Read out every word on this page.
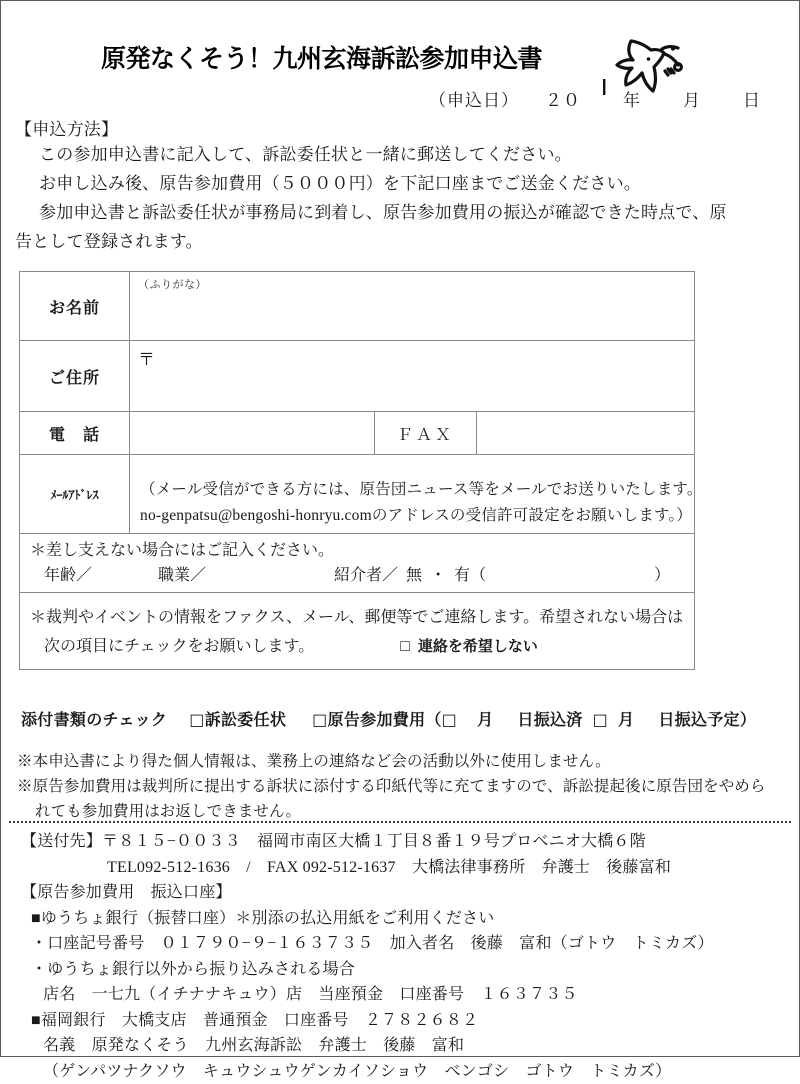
原発なくそう！九州玄海訴訟参加申込書
（申込日） ２０ 年 月 日
【申込方法】

この参加申込書に記入して、訴訟委任状と一緒に郵送してください。

お申し込み後、原告参加費用（５０００円）を下記口座までご送金ください。

参加申込書と訴訟委任状が事務局に到着し、原告参加費用の振込が確認できた時点で、原

告として登録されます。

お名前	（ふりがな）		

ご住所	〒		

電　話		ＦＡＸ	
ﾒｰﾙｱﾄﾞﾚｽ	（メール受信ができる方には、原告団ニュース等をメールでお送りいたします。
no-genpatsu@bengoshi-honryu.comのアドレスの受信許可設定をお願いします。）		

＊差し支えない場合にはご記入ください。
年齢／ 職業／ 紹介者／ 無 ・ 有（ ）			

＊裁判やイベントの情報をファクス、メール、郵便等でご連絡します。希望されない場合は
次の項目にチェックをお願いします。 □ 連絡を希望しない			
添付書類のチェック □訴訟委任状 □原告参加費用（□ 月 日振込済 □ 月 日振込予定）

※本申込書により得た個人情報は、業務上の連絡など会の活動以外に使用しません。

※原告参加費用は裁判所に提出する訴状に添付する印紙代等に充てますので、訴訟提起後に原告団をやめら

れても参加費用はお返しできません。

【送付先】〒８１５−００３３　福岡市南区大橋１丁目８番１９号プロベニオ大橋６階

TEL092-512-1636　/　FAX 092-512-1637　大橋法律事務所　弁護士　後藤富和

【原告参加費用　振込口座】

■ゆうちょ銀行（振替口座）＊別添の払込用紙をご利用ください

・口座記号番号　０１７９０−９−１６３７３５　加入者名　後藤　富和（ゴトウ　トミカズ）

・ゆうちょ銀行以外から振り込みされる場合

店名　一七九（イチナナキュウ）店　当座預金　口座番号　１６３７３５

■福岡銀行　大橋支店　普通預金　口座番号　２７８２６８２

名義　原発なくそう　九州玄海訴訟　弁護士　後藤　富和

（ゲンパツナクソウ　キュウシュウゲンカイソショウ　ベンゴシ　ゴトウ　トミカズ）
